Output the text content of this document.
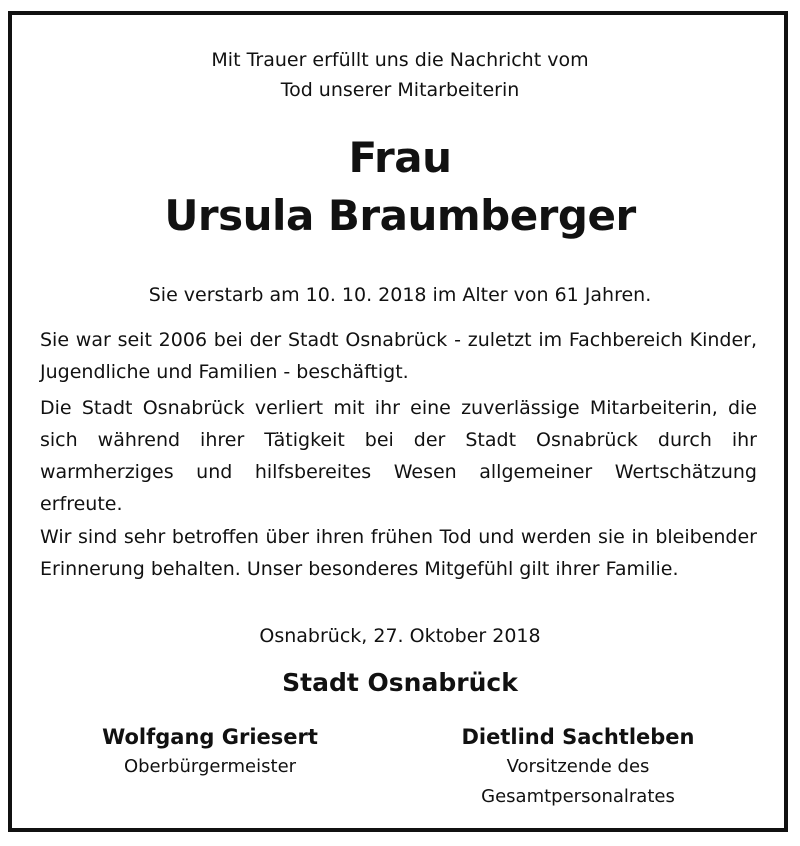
Mit Trauer erfüllt uns die Nachricht vom
Tod unserer Mitarbeiterin
Frau
Ursula Braumberger
Sie verstarb am 10. 10. 2018 im Alter von 61 Jahren.

Sie war seit 2006 bei der Stadt Osnabrück - zuletzt im Fachbereich Kinder, Jugendliche und Familien - beschäftigt.

Die Stadt Osnabrück verliert mit ihr eine zuverlässige Mitarbeiterin, die sich während ihrer Tätigkeit bei der Stadt Osnabrück durch ihr warmherziges und hilfsbereites Wesen allgemeiner Wertschätzung erfreute.

Wir sind sehr betroffen über ihren frühen Tod und werden sie in bleibender Erinnerung behalten. Unser besonderes Mitgefühl gilt ihrer Familie.

Osnabrück, 27. Oktober 2018
Stadt Osnabrück
Wolfgang Griesert
Oberbürgermeister
Dietlind Sachtleben
Vorsitzende des
Gesamtpersonalrates
